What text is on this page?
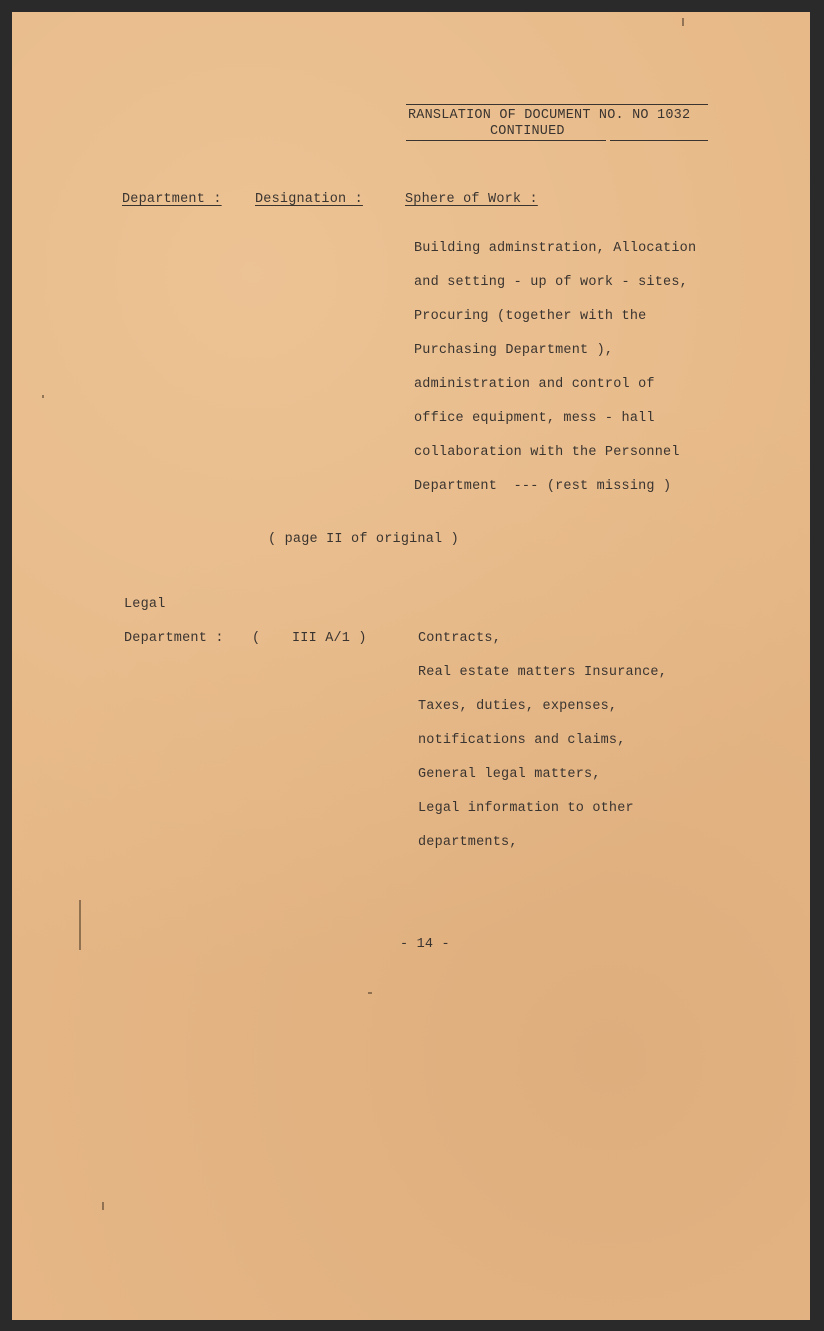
RANSLATION OF DOCUMENT NO. NO 1032
CONTINUED
Department : Designation :	Sphere of Work :
Building adminstration, Allocation
and setting - up of work - sites,
Procuring (together with the
Purchasing Department ),
administration and control of
office equipment, mess - hall
collaboration with the Personnel
Department  --- (rest missing )
( page II of original )
Legal
Department : ( III A/1 )	Contracts,
Real estate matters Insurance,
Taxes, duties, expenses,
notifications and claims,
General legal matters,
Legal information to other
departments,
- 14 -
